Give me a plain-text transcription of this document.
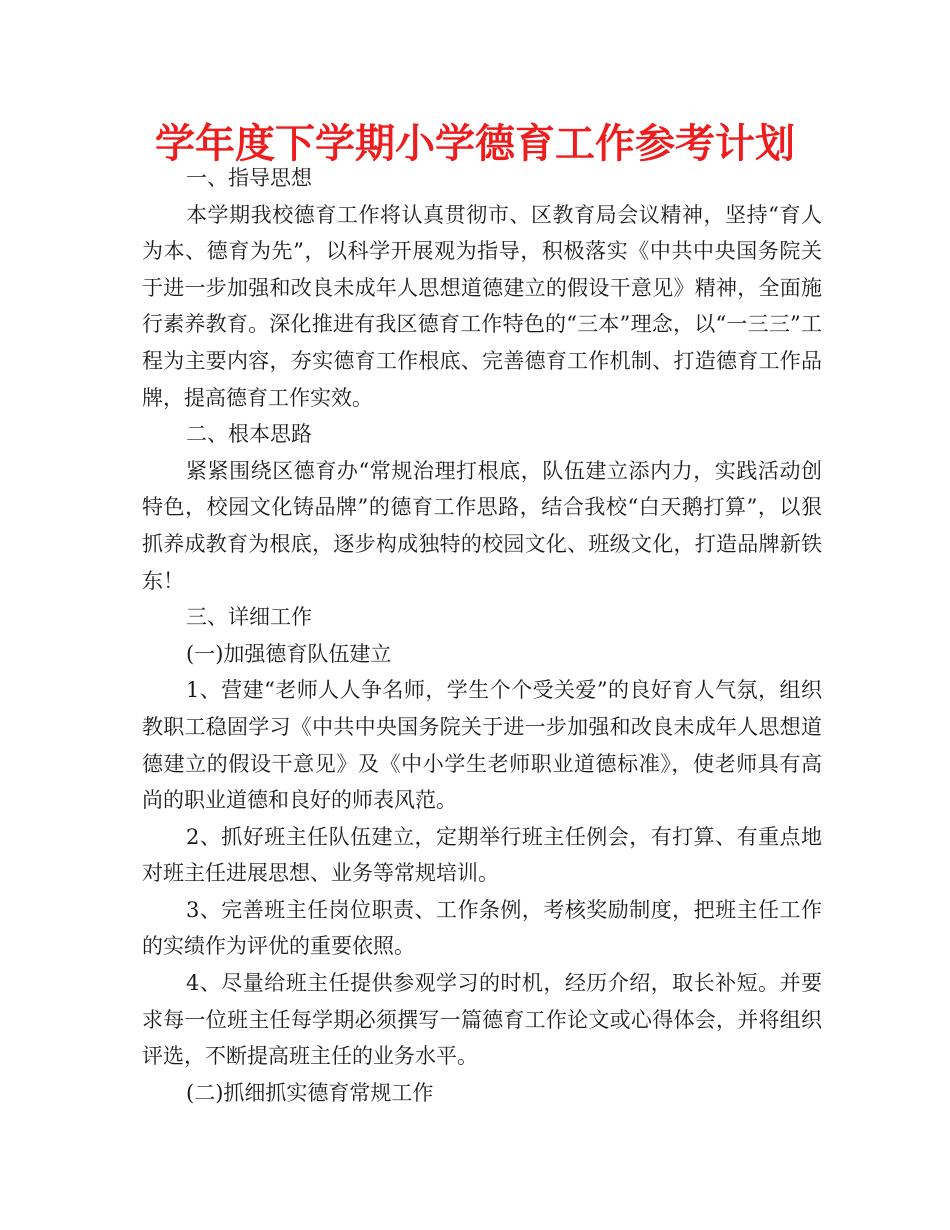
学年度下学期小学德育工作参考计划

一、指导思想

本学期我校德育工作将认真贯彻市、区教育局会议精神，坚持“育人为本、德育为先”，以科学开展观为指导，积极落实《中共中央国务院关于进一步加强和改良未成年人思想道德建立的假设干意见》精神，全面施行素养教育。深化推进有我区德育工作特色的“三本”理念，以“一三三”工程为主要内容，夯实德育工作根底、完善德育工作机制、打造德育工作品牌，提高德育工作实效。

二、根本思路

紧紧围绕区德育办“常规治理打根底，队伍建立添内力，实践活动创特色，校园文化铸品牌”的德育工作思路，结合我校“白天鹅打算”，以狠抓养成教育为根底，逐步构成独特的校园文化、班级文化，打造品牌新铁东！

三、详细工作

(一)加强德育队伍建立

1、营建“老师人人争名师，学生个个受关爱”的良好育人气氛，组织教职工稳固学习《中共中央国务院关于进一步加强和改良未成年人思想道德建立的假设干意见》及《中小学生老师职业道德标准》，使老师具有高尚的职业道德和良好的师表风范。

2、抓好班主任队伍建立，定期举行班主任例会，有打算、有重点地对班主任进展思想、业务等常规培训。

3、完善班主任岗位职责、工作条例，考核奖励制度，把班主任工作的实绩作为评优的重要依照。

4、尽量给班主任提供参观学习的时机，经历介绍，取长补短。并要求每一位班主任每学期必须撰写一篇德育工作论文或心得体会，并将组织评选，不断提高班主任的业务水平。

(二)抓细抓实德育常规工作
